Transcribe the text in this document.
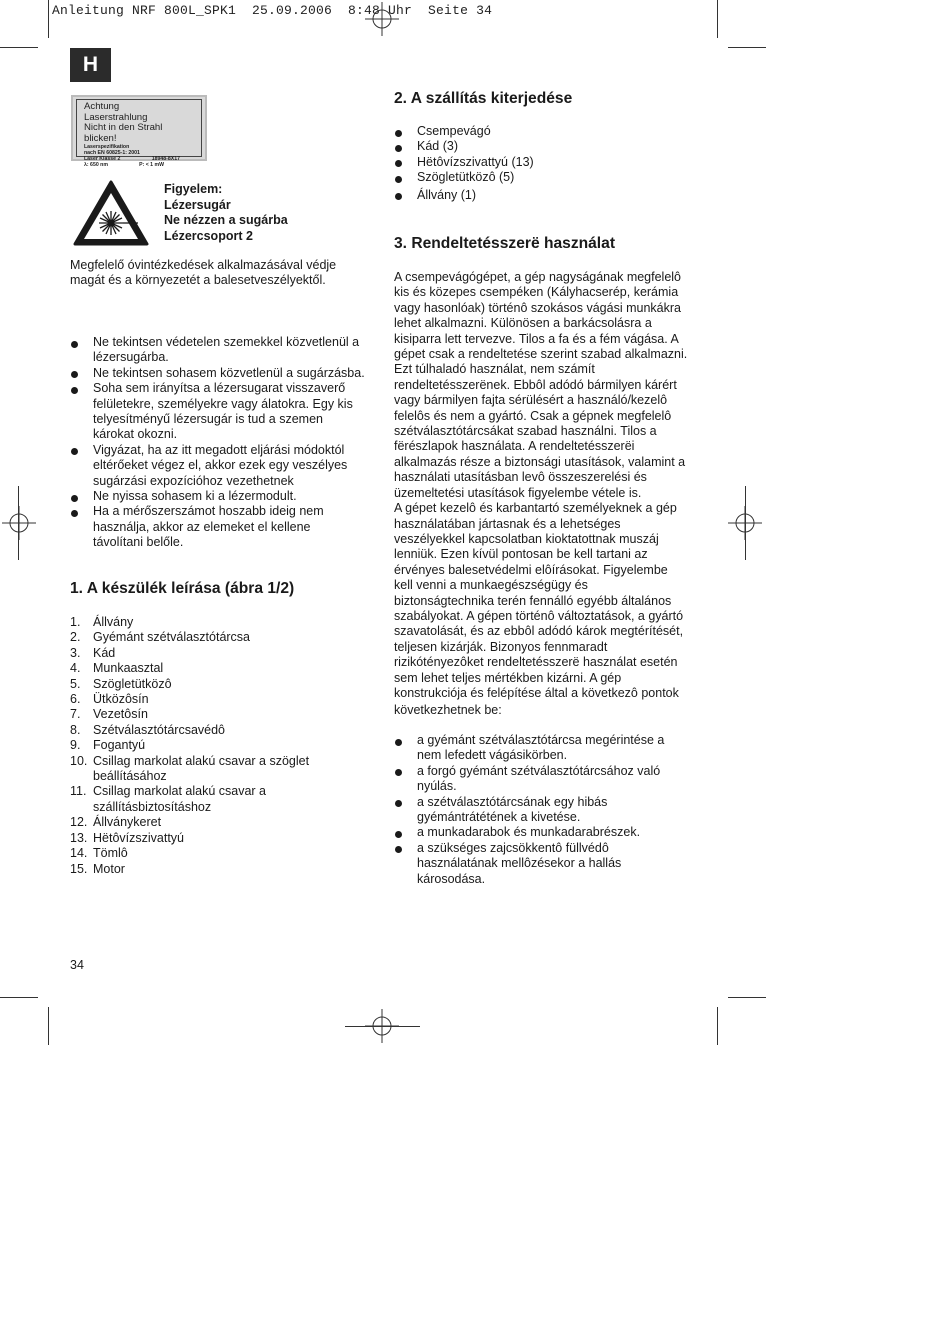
Anleitung NRF 800L_SPK1  25.09.2006  8:48 Uhr  Seite 34
H
Achtung
Laserstrahlung
Nicht in den Strahl blicken!
Laserspezifikation
nach EN 60825-1: 2001
Laser Klasse 2	18948-8X17
λ: 650 nm	P: < 1 mW
Figyelem:
Lézersugár
Ne nézzen a sugárba
Lézercsoport 2
Megfelelő óvintézkedések alkalmazásával védje
magát és a környezetét a balesetveszélyektől.
Ne tekintsen védetelen szemekkel közvetlenül a
lézersugárba.
Ne tekintsen sohasem közvetlenül a sugárzásba.
Soha sem irányítsa a lézersugarat visszaverő
felületekre, személyekre vagy álatokra. Egy kis
telyesítményű lézersugár is tud a szemen
károkat okozni.
Vigyázat, ha az itt megadott eljárási módoktól
eltérőeket végez el, akkor ezek egy veszélyes
sugárzási expozícióhoz vezethetnek
Ne nyissa sohasem ki a lézermodult.
Ha a mérőszerszámot hoszabb ideig nem
használja, akkor az elemeket el kellene
távolítani belőle.
1. A készülék leírása (ábra 1/2)
1.	Állvány
2.	Gyémánt szétválasztótárcsa
3.	Kád
4.	Munkaasztal
5.	Szögletütközô
6.	Ütközôsín
7.	Vezetôsín
8.	Szétválasztótárcsavédô
9.	Fogantyú
10. Csillag markolat alakú csavar a szöglet
beállításához
11. Csillag markolat alakú csavar a
szállításbiztosításhoz
12. Állványkeret
13. Hëtôvízszivattyú
14. Tömlô
15. Motor
2. A szállítás kiterjedése
Csempevágó
Kád (3)
Hëtôvízszivattyú (13)
Szögletütközô (5)
Állvány (1)
3. Rendeltetésszerë használat
A csempevágógépet, a gép nagyságának megfelelô
kis és közepes csempéken (Kályhacserép, kerámia
vagy hasonlóak) történô szokásos vágási munkákra
lehet alkalmazni. Különösen a barkácsolásra a
kisiparra lett tervezve. Tilos a fa és a fém vágása. A
gépet csak a rendeltetése szerint szabad alkalmazni.
Ezt túlhaladó használat, nem számít
rendeltetésszerënek. Ebbôl adódó bármilyen kárért
vagy bármilyen fajta sérülésért a használó/kezelô
felelôs és nem a gyártó. Csak a gépnek megfelelô
szétválasztótárcsákat szabad használni. Tilos a
fërészlapok használata. A rendeltetésszerëi
alkalmazás része a biztonsági utasítások, valamint a
használati utasításban levô összeszerelési és
üzemeltetési utasítások figyelembe vétele is.
A gépet kezelô és karbantartó személyeknek a gép
használatában jártasnak és a lehetséges
veszélyekkel kapcsolatban kioktatottnak muszáj
lenniük. Ezen kívül pontosan be kell tartani az
érvényes balesetvédelmi elôírásokat. Figyelembe
kell venni a munkaegészségügy és
biztonságtechnika terén fennálló egyébb általános
szabályokat. A gépen történô változtatások, a gyártó
szavatolását, és az ebbôl adódó károk megtérítését,
teljesen kizárják. Bizonyos fennmaradt
rizikótényezôket rendeltetésszerë használat esetén
sem lehet teljes mértékben kizárni. A gép
konstrukciója és felépítése által a következô pontok
következhetnek be:
a gyémánt szétválasztótárcsa megérintése a
nem lefedett vágásikörben.
a forgó gyémánt szétválasztótárcsához való
nyúlás.
a szétválasztótárcsának egy hibás
gyémántrátétének a kivetése.
a munkadarabok és munkadarabrészek.
a szükséges zajcsökkentô füllvédô
használatának mellôzésekor a hallás
károsodása.
34
